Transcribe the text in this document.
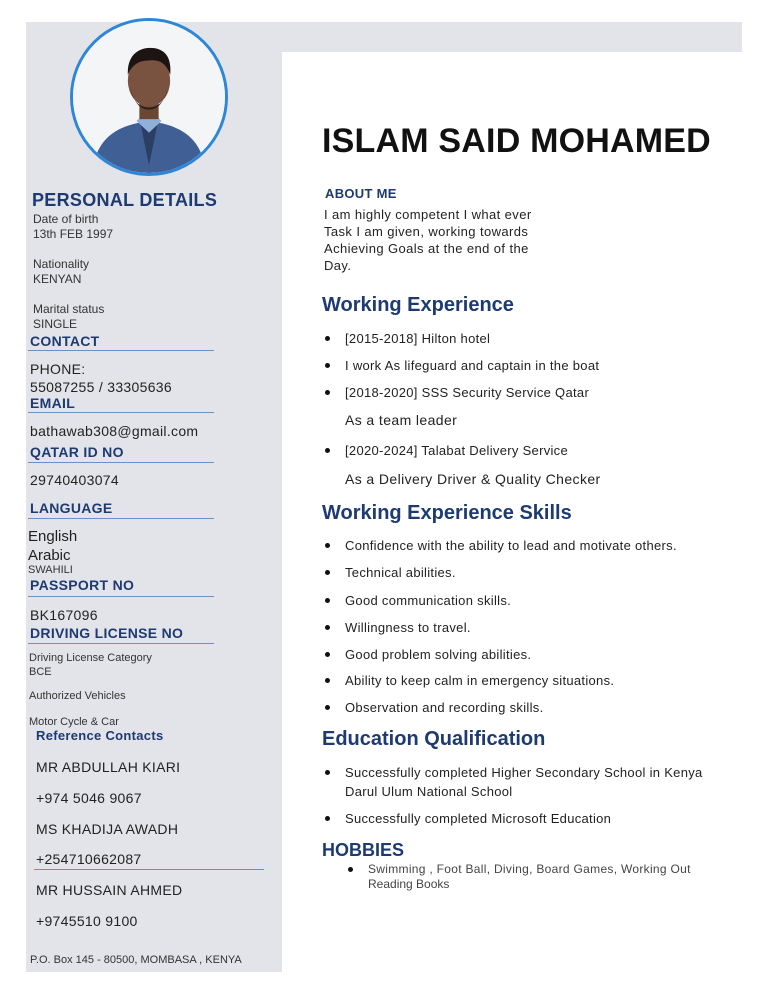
ISLAM SAID MOHAMED
PERSONAL DETAILS
Date of birth
13th FEB 1997
Nationality
KENYAN
Marital status
SINGLE
CONTACT
PHONE:
55087255 / 33305636
EMAIL
bathawab308@gmail.com
QATAR ID NO
29740403074
LANGUAGE
English
Arabic
SWAHILI
PASSPORT NO
BK167096
DRIVING LICENSE NO
Driving License Category
BCE
Authorized Vehicles
Motor Cycle & Car
Reference Contacts
MR ABDULLAH KIARI
+974 5046 9067
MS KHADIJA AWADH
+254710662087
MR HUSSAIN AHMED
+9745510 9100
P.O. Box 145 - 80500, MOMBASA , KENYA
ABOUT ME
I am highly competent I what ever
Task I am given, working towards
Achieving Goals at the end of the
Day.
Working Experience
[2015-2018] Hilton hotel
I work As lifeguard and captain in the boat
[2018-2020] SSS Security Service Qatar
[2020-2024] Talabat Delivery Service
As a team leader
As a Delivery Driver & Quality Checker
Working Experience Skills
Confidence with the ability to lead and motivate others.
Technical abilities.
Good communication skills.
Willingness to travel.
Good problem solving abilities.
Ability to keep calm in emergency situations.
Observation and recording skills.
Education Qualification
Successfully completed Higher Secondary School in Kenya
Successfully completed Microsoft Education
Darul Ulum National School
HOBBIES
Swimming , Foot Ball, Diving, Board Games, Working Out
Reading Books
